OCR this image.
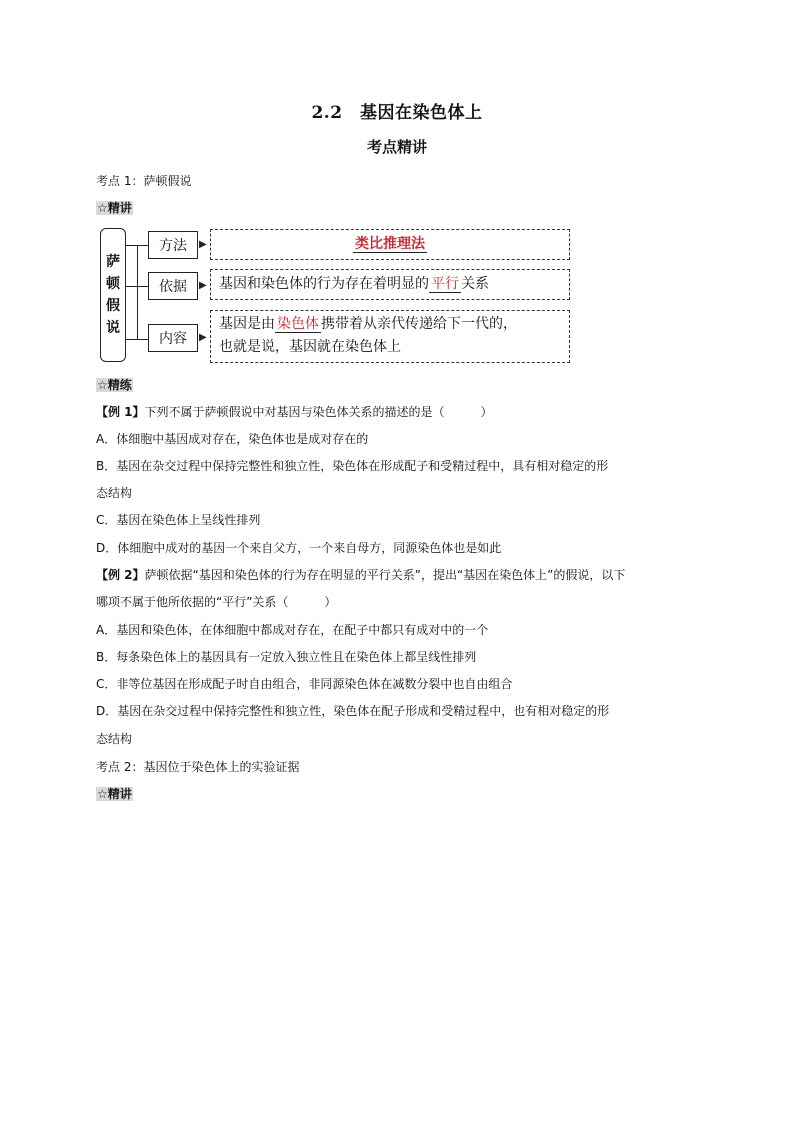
2.2　基因在染色体上
考点精讲
考点 1：萨顿假说
☆精讲
萨
顿
假
说
方法	▶	类比推理法
依据	▶ 基因和染色体的行为存在着明显的 平行 关系
内容	▶
基因是由 染色体 携带着从亲代传递给下一代的，
也就是说，基因就在染色体上
☆精练
【例 1】下列不属于萨顿假说中对基因与染色体关系的描述的是（　　　）
A．体细胞中基因成对存在，染色体也是成对存在的
B．基因在杂交过程中保持完整性和独立性，染色体在形成配子和受精过程中，具有相对稳定的形
态结构
C．基因在染色体上呈线性排列
D．体细胞中成对的基因一个来自父方，一个来自母方，同源染色体也是如此
【例 2】萨顿依据“基因和染色体的行为存在明显的平行关系”，提出“基因在染色体上”的假说，以下
哪项不属于他所依据的“平行”关系（　　　）
A．基因和染色体，在体细胞中都成对存在，在配子中都只有成对中的一个
B．每条染色体上的基因具有一定放入独立性且在染色体上都呈线性排列
C．非等位基因在形成配子时自由组合，非同源染色体在减数分裂中也自由组合
D．基因在杂交过程中保持完整性和独立性，染色体在配子形成和受精过程中，也有相对稳定的形
态结构
考点 2：基因位于染色体上的实验证据
☆精讲
